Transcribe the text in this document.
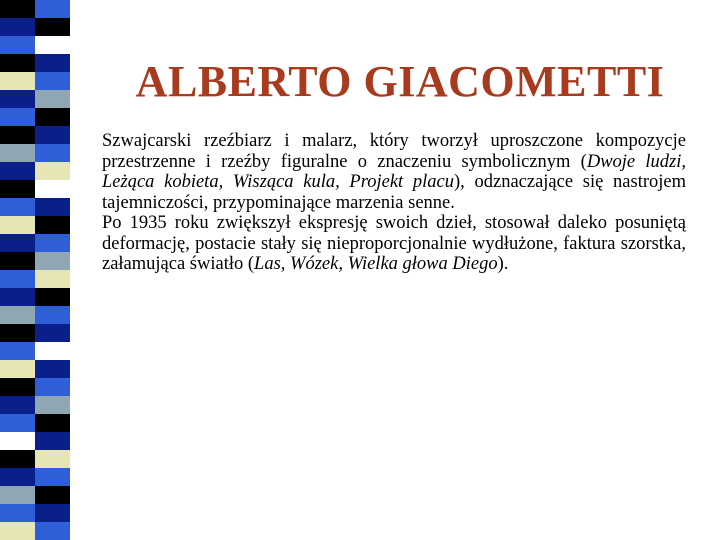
ALBERTO GIACOMETTI

Szwajcarski rzeźbiarz i malarz, który tworzył uproszczone kompozycje przestrzenne i rzeźby figuralne o znaczeniu symbolicznym (Dwoje ludzi, Leżąca kobieta, Wisząca kula, Projekt placu), odznaczające się nastrojem tajemniczości, przypominające marzenia senne.

Po 1935 roku zwiększył ekspresję swoich dzieł, stosował daleko posuniętą deformację, postacie stały się nieproporcjonalnie wydłużone, faktura szorstka, załamująca światło (Las, Wózek, Wielka głowa Diego).
